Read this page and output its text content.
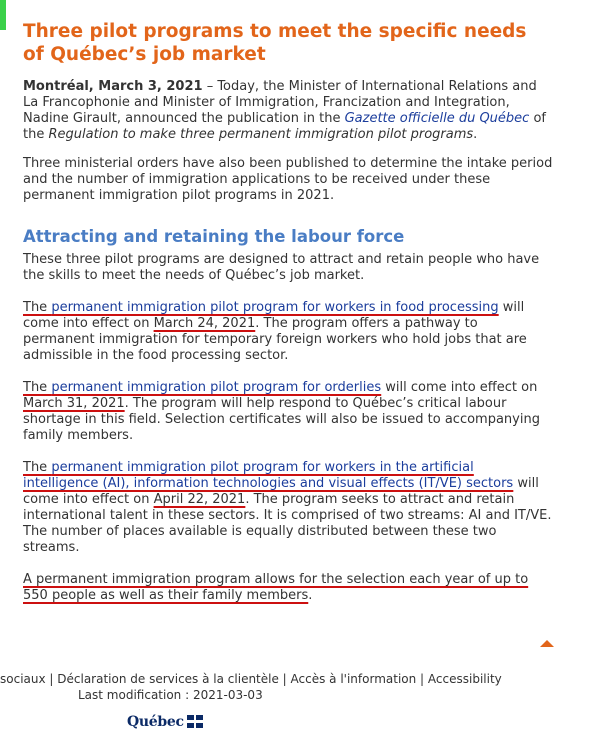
Three pilot programs to meet the specific needs of Québec’s job market

Montréal, March 3, 2021 – Today, the Minister of International Relations and La Francophonie and Minister of Immigration, Francization and Integration, Nadine Girault, announced the publication in the Gazette officielle du Québec of the Regulation to make three permanent immigration pilot programs.

Three ministerial orders have also been published to determine the intake period and the number of immigration applications to be received under these permanent immigration pilot programs in 2021.

Attracting and retaining the labour force

These three pilot programs are designed to attract and retain people who have the skills to meet the needs of Québec’s job market.

The permanent immigration pilot program for workers in food processing will come into effect on March 24, 2021. The program offers a pathway to permanent immigration for temporary foreign workers who hold jobs that are admissible in the food processing sector.

The permanent immigration pilot program for orderlies will come into effect on March 31, 2021. The program will help respond to Québec’s critical labour shortage in this field. Selection certificates will also be issued to accompanying family members.

The permanent immigration pilot program for workers in the artificial intelligence (AI), information technologies and visual effects (IT/VE) sectors will come into effect on April 22, 2021. The program seeks to attract and retain international talent in these sectors. It is comprised of two streams: AI and IT/VE. The number of places available is equally distributed between these two streams.

A permanent immigration program allows for the selection each year of up to 550 people as well as their family members.

sociaux | Déclaration de services à la clientèle | Accès à l'information | Accessibility
Last modification : 2021-03-03
Québec
